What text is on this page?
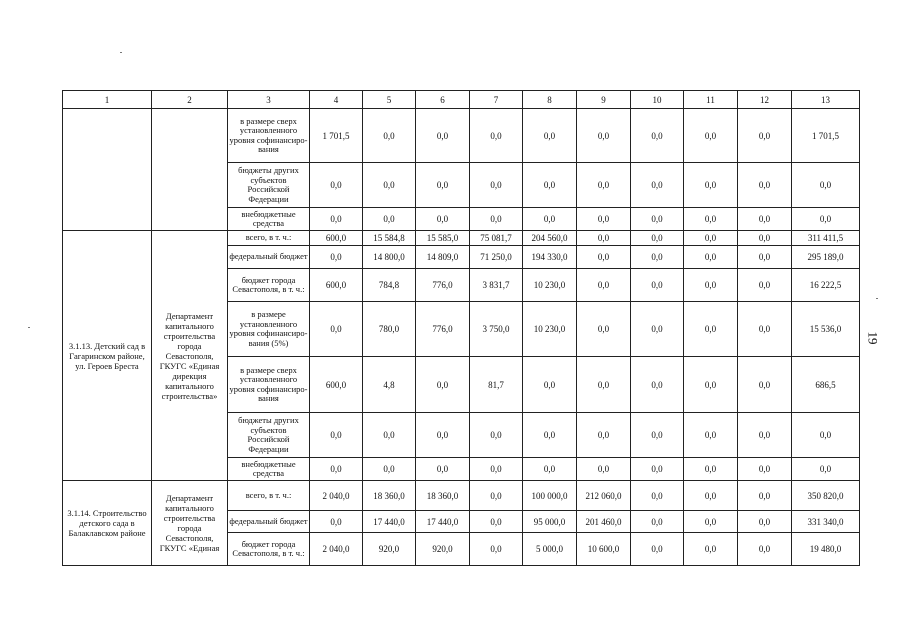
1	2	3	4	5	6	7	8	9	10	11	12	13
		в размере сверх установленного уровня софинансиро-вания	1 701,5	0,0	0,0	0,0	0,0	0,0	0,0	0,0	0,0	1 701,5
		бюджеты других субъектов Российской Федерации	0,0	0,0	0,0	0,0	0,0	0,0	0,0	0,0	0,0	0,0
		внебюджетные средства	0,0	0,0	0,0	0,0	0,0	0,0	0,0	0,0	0,0	0,0
3.1.13. Детский сад в Гагаринском районе, ул. Героев Бреста	Департамент капитального строительства города Севастополя, ГКУГС «Единая дирекция капитального строительства»	всего, в т. ч.:	600,0	15 584,8	15 585,0	75 081,7	204 560,0	0,0	0,0	0,0	0,0	311 411,5
		федеральный бюджет	0,0	14 800,0	14 809,0	71 250,0	194 330,0	0,0	0,0	0,0	0,0	295 189,0
		бюджет города Севастополя, в т. ч.:	600,0	784,8	776,0	3 831,7	10 230,0	0,0	0,0	0,0	0,0	16 222,5
		в размере установленного уровня софинансиро-вания (5%)	0,0	780,0	776,0	3 750,0	10 230,0	0,0	0,0	0,0	0,0	15 536,0
		в размере сверх установленного уровня софинансиро-вания	600,0	4,8	0,0	81,7	0,0	0,0	0,0	0,0	0,0	686,5
		бюджеты других субъектов Российской Федерации	0,0	0,0	0,0	0,0	0,0	0,0	0,0	0,0	0,0	0,0
		внебюджетные средства	0,0	0,0	0,0	0,0	0,0	0,0	0,0	0,0	0,0	0,0
3.1.14. Строительство детского сада в Балаклавском районе	Департамент капитального строительства города Севастополя, ГКУГС «Единая	всего, в т. ч.:	2 040,0	18 360,0	18 360,0	0,0	100 000,0	212 060,0	0,0	0,0	0,0	350 820,0
		федеральный бюджет	0,0	17 440,0	17 440,0	0,0	95 000,0	201 460,0	0,0	0,0	0,0	331 340,0
		бюджет города Севастополя, в т. ч.:	2 040,0	920,0	920,0	0,0	5 000,0	10 600,0	0,0	0,0	0,0	19 480,0
19
